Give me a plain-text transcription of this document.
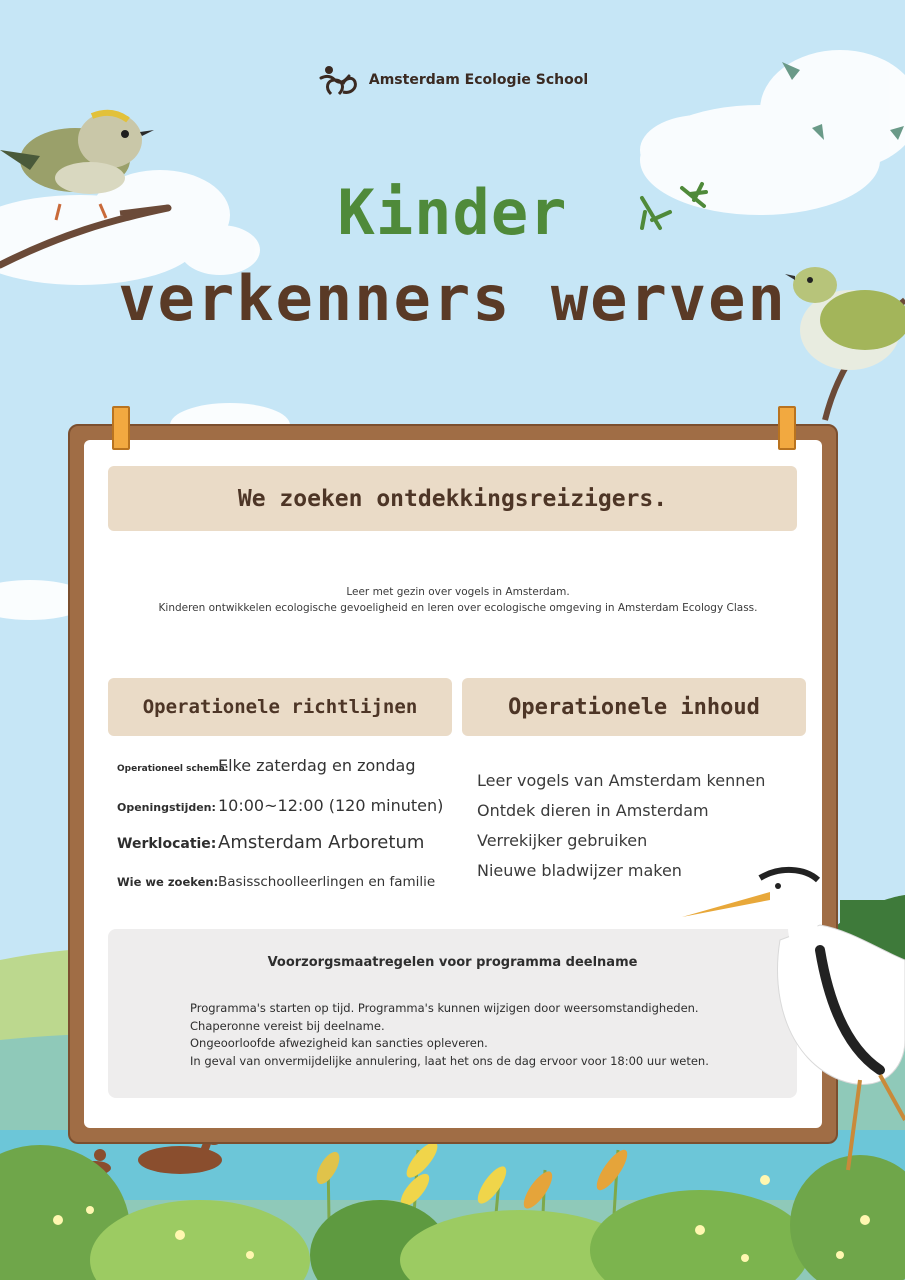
Amsterdam Ecologie School
Kinder
verkenners werven
We zoeken ontdekkingsreizigers.

Leer met gezin over vogels in Amsterdam.

Kinderen ontwikkelen ecologische gevoeligheid en leren over ecologische omgeving in Amsterdam Ecology Class.

Operationele richtlijnen	Operationele inhoud
Operationeel schema:
Elke zaterdag en zondag
Openingstijden: 10:00~12:00 (120 minuten)
Werklocatie: Amsterdam Arboretum
Wie we zoeken: Basisschoolleerlingen en familie
Leer vogels van Amsterdam kennen
Ontdek dieren in Amsterdam
Verrekijker gebruiken
Nieuwe bladwijzer maken
Voorzorgsmaatregelen voor programma deelname

Programma's starten op tijd. Programma's kunnen wijzigen door weersomstandigheden.

Chaperonne vereist bij deelname.

Ongeoorloofde afwezigheid kan sancties opleveren.

In geval van onvermijdelijke annulering, laat het ons de dag ervoor voor 18:00 uur weten.
